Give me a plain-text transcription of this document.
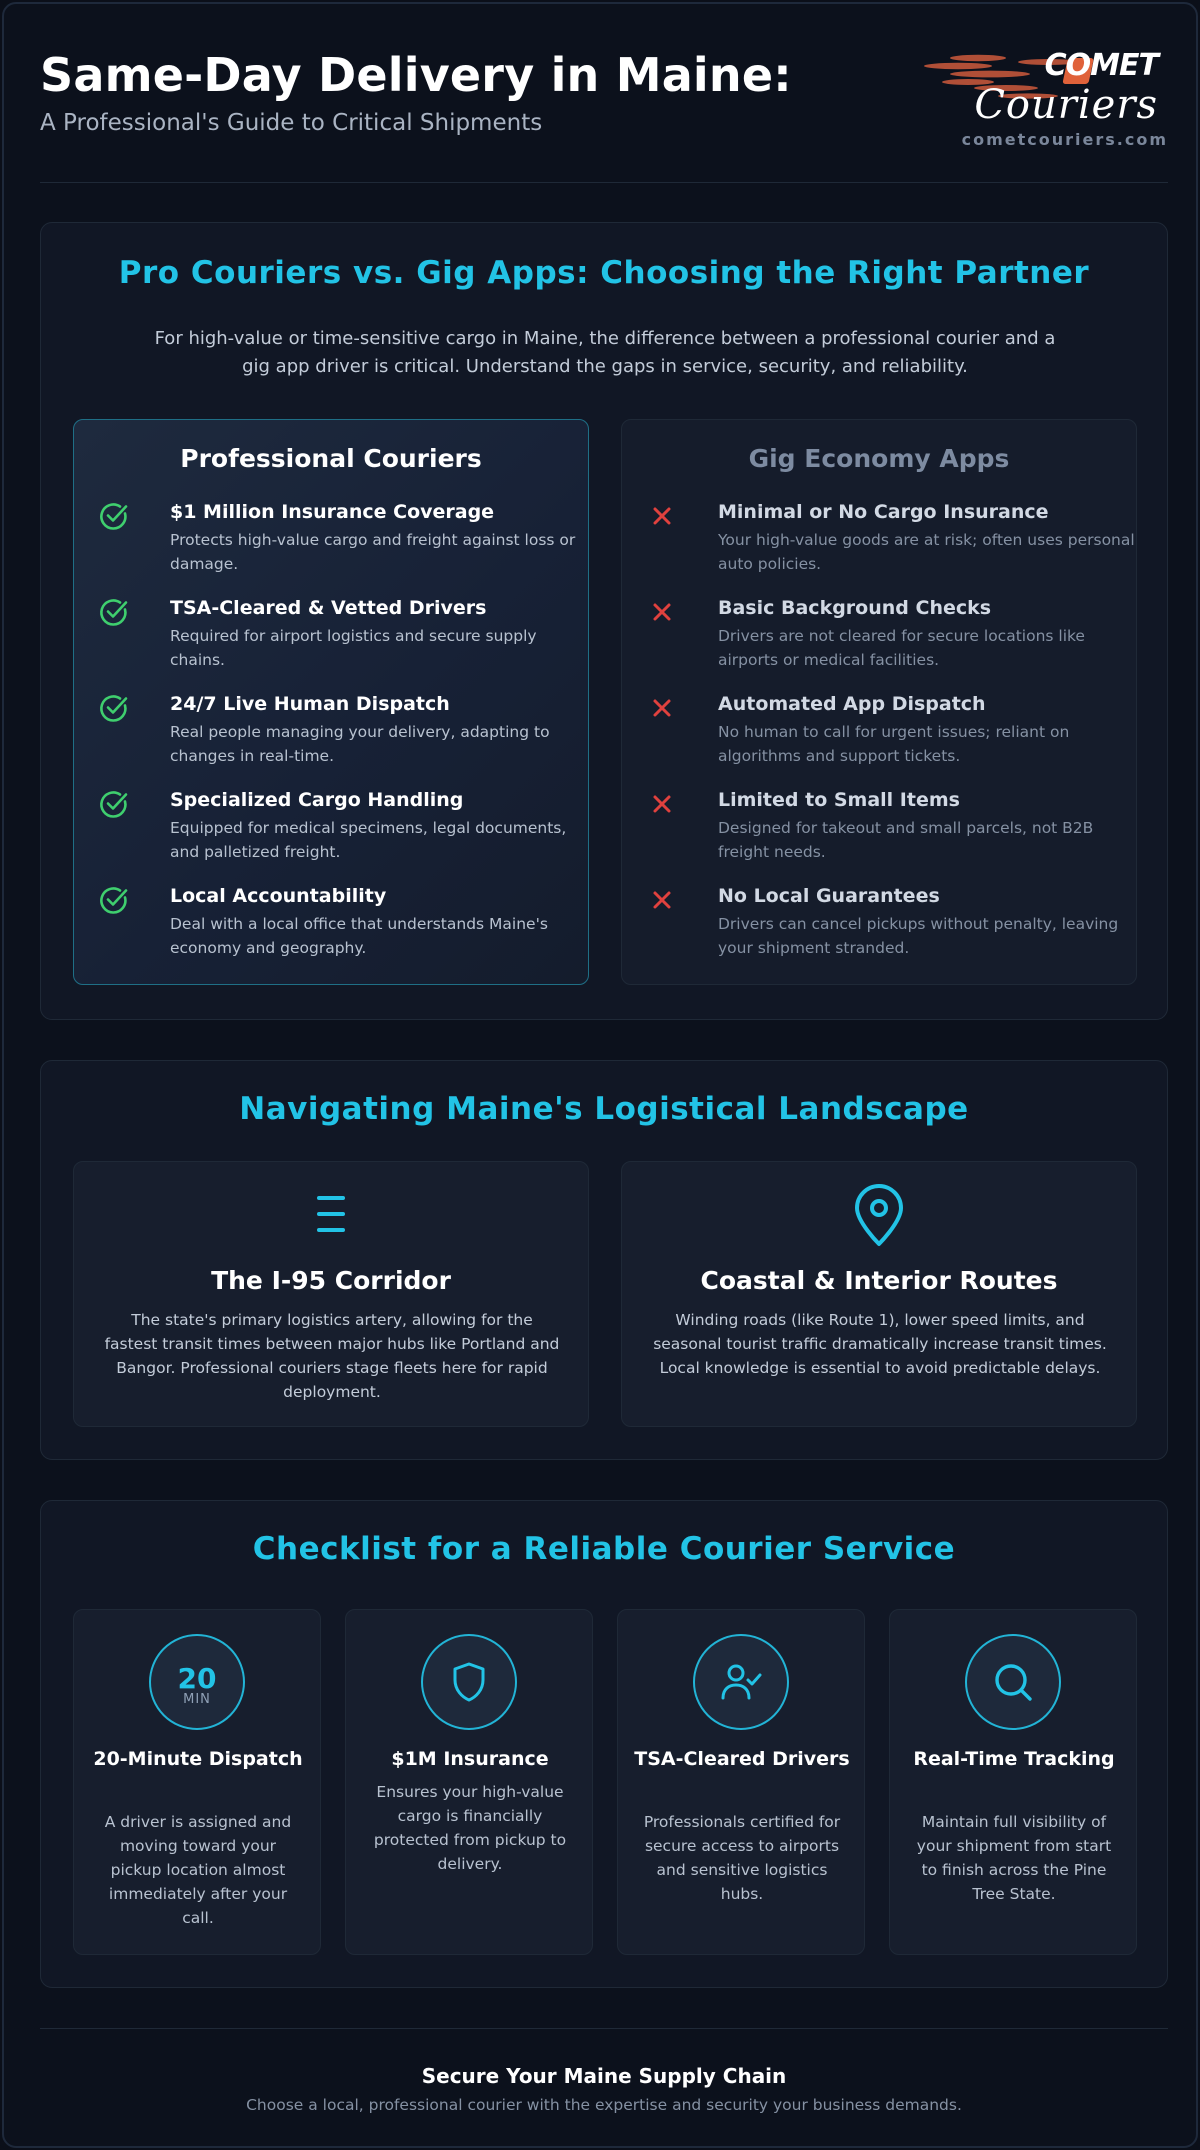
Same-Day Delivery in Maine:
A Professional's Guide to Critical Shipments
COMET
Couriers
cometcouriers.com
Pro Couriers vs. Gig Apps: Choosing the Right Partner

For high-value or time-sensitive cargo in Maine, the difference between a professional courier and a gig app driver is critical. Understand the gaps in service, security, and reliability.

Professional Couriers
$1 Million Insurance Coverage
Protects high-value cargo and freight against loss or damage.
TSA-Cleared & Vetted Drivers
Required for airport logistics and secure supply chains.
24/7 Live Human Dispatch
Real people managing your delivery, adapting to changes in real-time.
Specialized Cargo Handling
Equipped for medical specimens, legal documents, and palletized freight.
Local Accountability
Deal with a local office that understands Maine's economy and geography.
Gig Economy Apps
Minimal or No Cargo Insurance
Your high-value goods are at risk; often uses personal auto policies.
Basic Background Checks
Drivers are not cleared for secure locations like airports or medical facilities.
Automated App Dispatch
No human to call for urgent issues; reliant on algorithms and support tickets.
Limited to Small Items
Designed for takeout and small parcels, not B2B freight needs.
No Local Guarantees
Drivers can cancel pickups without penalty, leaving your shipment stranded.
Navigating Maine's Logistical Landscape
The I-95 Corridor

The state's primary logistics artery, allowing for the fastest transit times between major hubs like Portland and Bangor. Professional couriers stage fleets here for rapid deployment.

Coastal & Interior Routes

Winding roads (like Route 1), lower speed limits, and seasonal tourist traffic dramatically increase transit times. Local knowledge is essential to avoid predictable delays.

Checklist for a Reliable Courier Service
20
MIN
20-Minute Dispatch

A driver is assigned and moving toward your pickup location almost immediately after your call.

$1M Insurance

Ensures your high-value cargo is financially protected from pickup to delivery.

TSA-Cleared Drivers

Professionals certified for secure access to airports and sensitive logistics hubs.

Real-Time Tracking

Maintain full visibility of your shipment from start to finish across the Pine Tree State.

Secure Your Maine Supply Chain
Choose a local, professional courier with the expertise and security your business demands.
